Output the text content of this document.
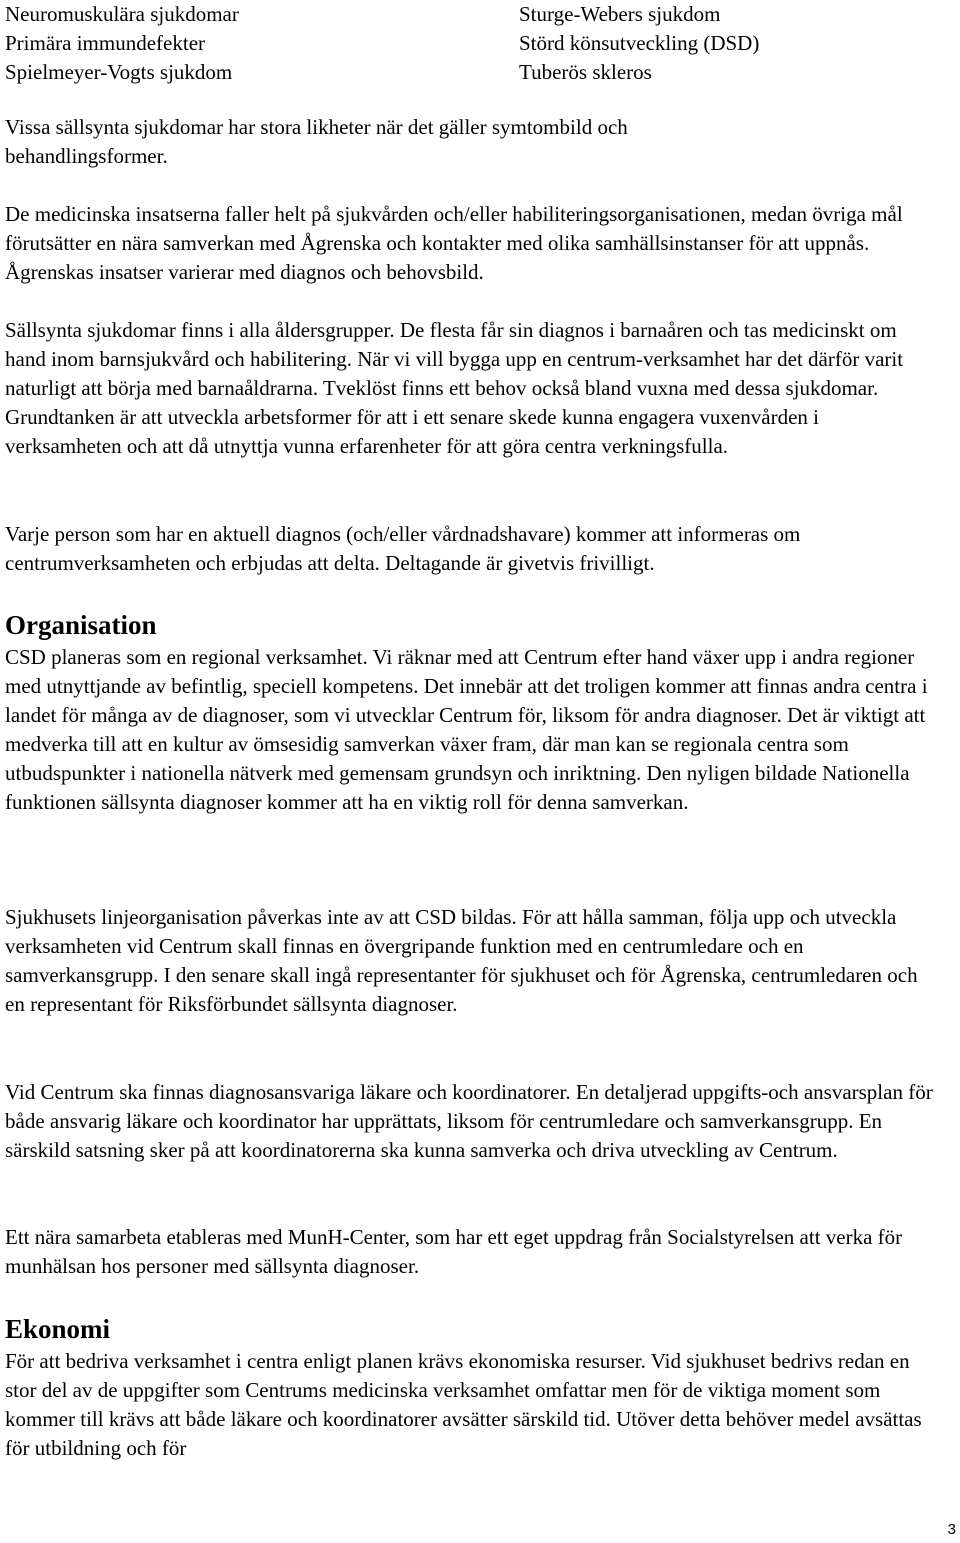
Neuromuskulära sjukdomar	Sturge-Webers sjukdom
Primära immundefekter	Störd könsutveckling (DSD)
Spielmeyer-Vogts sjukdom	Tuberös skleros

Vissa sällsynta sjukdomar har stora likheter när det gäller symtombild och behandlingsformer.

De medicinska insatserna faller helt på sjukvården och/eller habiliteringsorganisationen, medan övriga mål förutsätter en nära samverkan med Ågrenska och kontakter med olika samhällsinstanser för att uppnås. Ågrenskas insatser varierar med diagnos och behovsbild.

Sällsynta sjukdomar finns i alla åldersgrupper. De flesta får sin diagnos i barnaåren och tas medicinskt om hand inom barnsjukvård och habilitering. När vi vill bygga upp en centrum-verksamhet har det därför varit naturligt att börja med barnaåldrarna. Tveklöst finns ett behov också bland vuxna med dessa sjukdomar. Grundtanken är att utveckla arbetsformer för att i ett senare skede kunna engagera vuxenvården i verksamheten och att då utnyttja vunna erfarenheter för att göra centra verkningsfulla.

Varje person som har en aktuell diagnos (och/eller vårdnadshavare) kommer att informeras om centrumverksamheten och erbjudas att delta. Deltagande är givetvis frivilligt.

Organisation

CSD planeras som en regional verksamhet. Vi räknar med att Centrum efter hand växer upp i andra regioner med utnyttjande av befintlig, speciell kompetens. Det innebär att det troligen kommer att finnas andra centra i landet för många av de diagnoser, som vi utvecklar Centrum för, liksom för andra diagnoser. Det är viktigt att medverka till att en kultur av ömsesidig samverkan växer fram, där man kan se regionala centra som utbudspunkter i nationella nätverk med gemensam grundsyn och inriktning. Den nyligen bildade Nationella funktionen sällsynta diagnoser kommer att ha en viktig roll för denna samverkan.

Sjukhusets linjeorganisation påverkas inte av att CSD bildas. För att hålla samman, följa upp och utveckla verksamheten vid Centrum skall finnas en övergripande funktion med en centrumledare och en samverkansgrupp. I den senare skall ingå representanter för sjukhuset och för Ågrenska, centrumledaren och en representant för Riksförbundet sällsynta diagnoser.

Vid Centrum ska finnas diagnosansvariga läkare och koordinatorer. En detaljerad uppgifts-och ansvarsplan för både ansvarig läkare och koordinator har upprättats, liksom för centrumledare och samverkansgrupp. En särskild satsning sker på att koordinatorerna ska kunna samverka och driva utveckling av Centrum.

Ett nära samarbeta etableras med MunH-Center, som har ett eget uppdrag från Socialstyrelsen att verka för munhälsan hos personer med sällsynta diagnoser.

Ekonomi

För att bedriva verksamhet i centra enligt planen krävs ekonomiska resurser. Vid sjukhuset bedrivs redan en stor del av de uppgifter som Centrums medicinska verksamhet omfattar men för de viktiga moment som kommer till krävs att både läkare och koordinatorer avsätter särskild tid. Utöver detta behöver medel avsättas för utbildning och för

3
